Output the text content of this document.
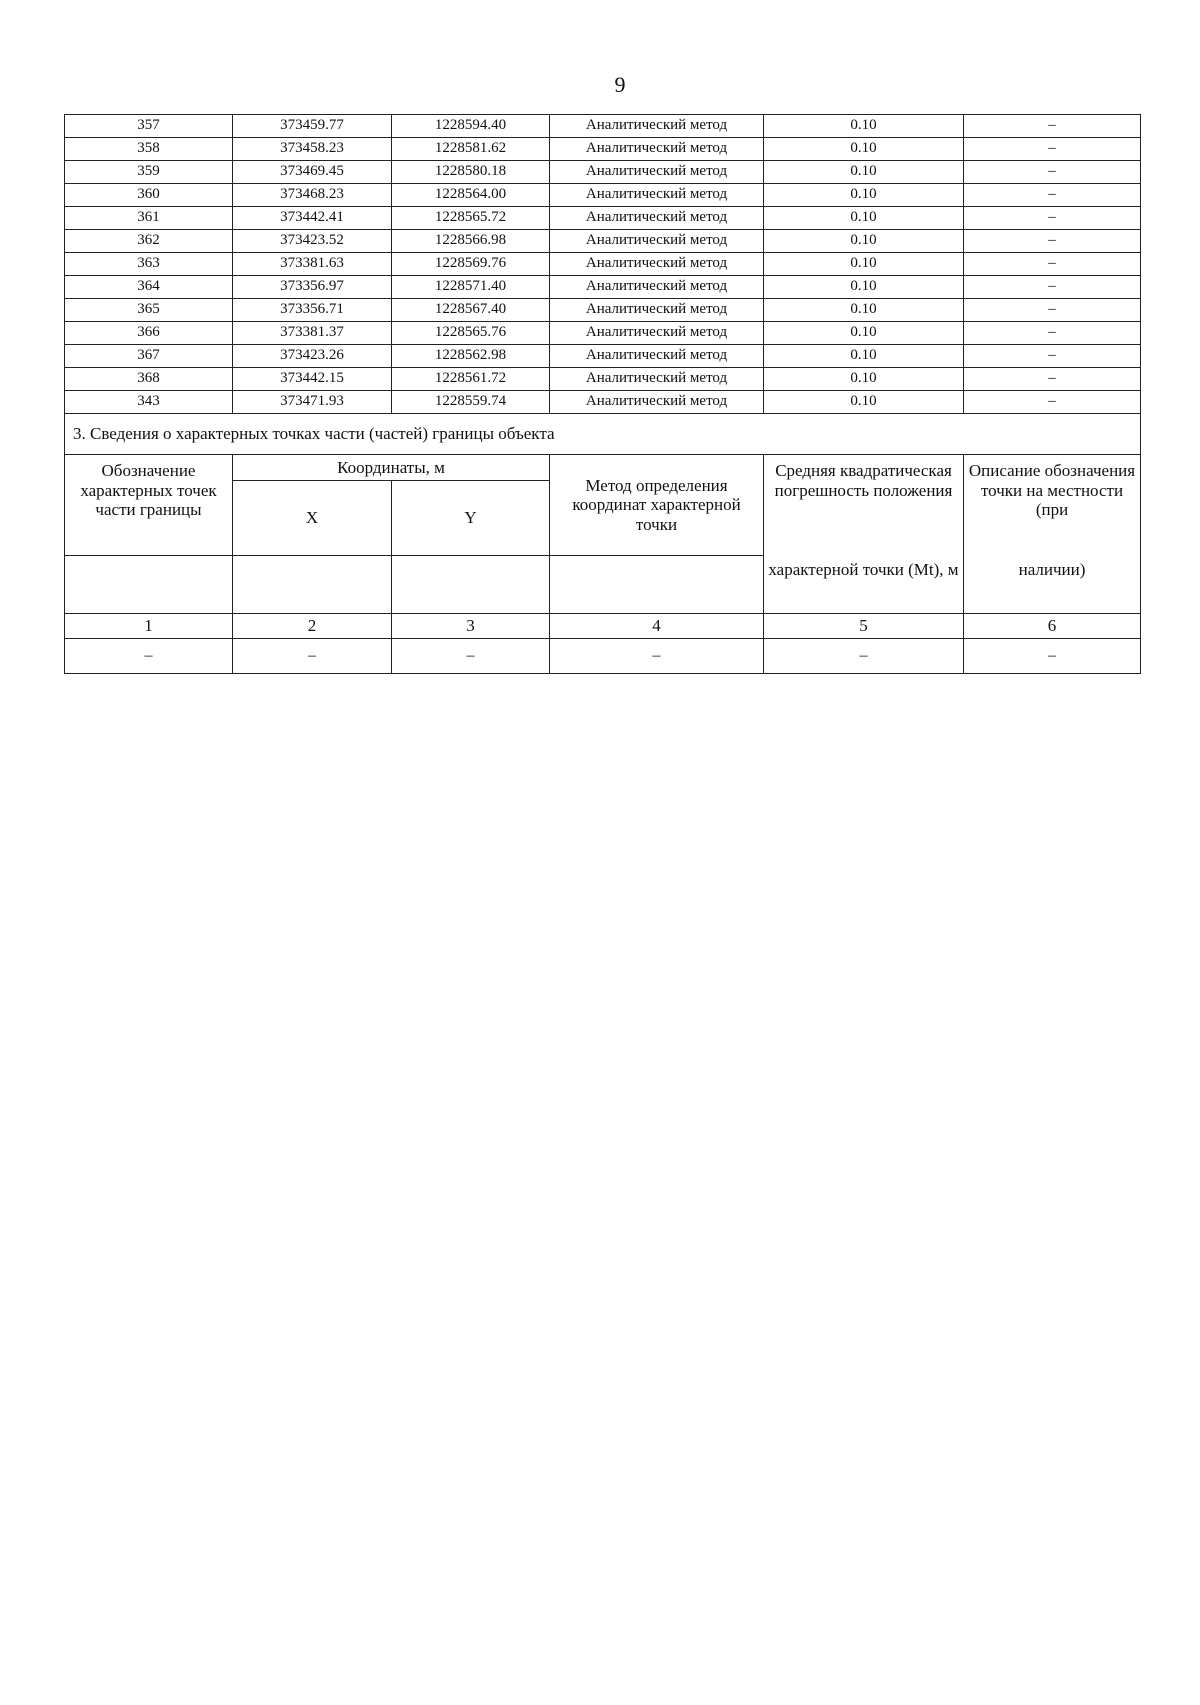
9
357	373459.77	1228594.40	Аналитический метод	0.10	–
358	373458.23	1228581.62	Аналитический метод	0.10	–
359	373469.45	1228580.18	Аналитический метод	0.10	–
360	373468.23	1228564.00	Аналитический метод	0.10	–
361	373442.41	1228565.72	Аналитический метод	0.10	–
362	373423.52	1228566.98	Аналитический метод	0.10	–
363	373381.63	1228569.76	Аналитический метод	0.10	–
364	373356.97	1228571.40	Аналитический метод	0.10	–
365	373356.71	1228567.40	Аналитический метод	0.10	–
366	373381.37	1228565.76	Аналитический метод	0.10	–
367	373423.26	1228562.98	Аналитический метод	0.10	–
368	373442.15	1228561.72	Аналитический метод	0.10	–
343	373471.93	1228559.74	Аналитический метод	0.10	–
3. Сведения о характерных точках части (частей) границы объекта					
Обозначение характерных точек части границы	Координаты, м		Метод определения координат характерной точки	Средняя квадратическая погрешность положения	Описание обозначения точки на местности (при
	X	Y			
				характерной точки (Mt), м	наличии)
1	2	3	4	5	6
–	–	–	–	–	–
